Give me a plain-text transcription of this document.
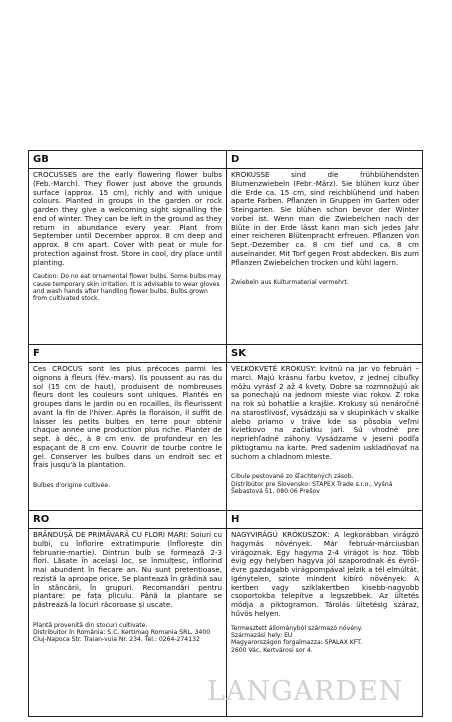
GB
CROCUSSES are the early flowering flower bulbs (Feb.-March). They flower just above the grounds surface (approx. 15 cm), richly and with unique colours. Planted in groups in the garden or rock garden they give a welcoming sight signalling the end of winter. They can be left in the ground as they return in abundance every year. Plant from September until December approx. 8 cm deep and approx. 8 cm apart. Cover with peat or mule for protection against frost. Store in cool, dry place until planting.
Caution: Do no eat ornamental flower bulbs. Some bulbs may cause temporary skin irritation. It is advisable to wear gloves and wash hands after handling flower bulbs. Bulbs grown from cultivated stock.
D
KROKUSSE sind die frühblühendsten Blumenzwiebeln (Febr.-März). Sie blühen kurz über die Erde ca. 15 cm, sind reichblühend und haben aparte Farben. Pflanzen in Gruppen im Garten oder Steingarten. Sie blühen schon bevor der Winter vorbei ist. Wenn man die Zwiebelchen nach der Blüte in der Erde lässt kann man sich jedes Jahr einer reicheren Blütenpracht erfreuen. Pflanzen von Sept.-Dezember ca. 8 cm tief und ca. 8 cm auseinander. Mit Torf gegen Frost abdecken. Bis zum Pflanzen Zwiebelchen trocken und kühl lagern.
Zwiebeln aus Kulturmaterial vermehrt.
F
Ces CROCUS sont les plus précoces parmi les oignons à fleurs (fév.-mars). Ils poussent au ras du sol (15 cm de haut), produisent de nombreuses fleurs dont les couleurs sont uniques. Plantés en groupes dans le jardin ou en rocailles, ils fleurissent avant la fin de l'hiver. Après la floraison, il suffit de laisser les petits bulbes en terre pour obtenir chaque année une production plus riche. Planter de sept. à déc., à 8 cm env. de profondeur en les espaçant de 8 cm env. Couvrir de tourbe contre le gel. Conserver les bulbes dans un endroit sec et frais jusqu'à la plantation.
Bulbes d'origine cultivée.
SK
VEĽKOKVETÉ KROKUSY: kvitnú na jar vo februári – marci. Majú krásnu farbu kvetov, z jednej cibuľky môžu vyrásť 2 až 4 kvety. Dobre sa rozmnožujú ak sa ponechajú na jednom mieste viac rokov. Z roka na rok sú bohatšie a krajšie. Krokusy sú nenáročné na starostlivosť, vysádzajú sa v skupinkách v skalke alebo priamo v tráve kde sa pôsobia veľmi kvietkovo na začiatku jari. Sú vhodné pre nepriehľadné záhony. Vysádzame v jeseni podľa piktogramu na karte. Pred sadením uskladňovať na suchom a chladnom mieste.
Cibule pestované zo šľachtených zásob.
Distribútor pre Slovensko: STAPEX Trade s.r.o., Vyšná Šebastová 51, 080 06 Prešov
RO
BRÂNDUȘĂ DE PRIMĂVARĂ CU FLORI MARI: Soiuri cu bulbi, cu înflorire extratimpurie (înflorește din februarie-martie). Dintrun bulb se formează 2-3 flori. Lăsate în același loc, se înmulțesc, înflorind mai abundent în fiecare an. Nu sunt pretențioase, rezistă la aproape orice. Se plantează în grădină sau în stâncării, în grupuri. Recomandări pentru plantare: pe fața pliculu. Până la plantare se păstrează la locuri răcoroase și uscate.
Plantă provenită din stocuri cultivate.
Distribuitor în România: S.C. Kertimag Romania SRL, 3400 Cluj-Napoca Str. Traian-vuia Nr. 234. Tel.: 0264-274132
H
NAGYVIRÁGÚ KRÓKUSZOK: A legkorábban virágzó hagymás növények. Már február-márciusban virágoznak. Egy hagyma 2-4 virágot is hoz. Több évig egy helyben hagyva jól szaporodnak és évről-évre gazdagabb virágpompával jelzik a tél elmúltát. Igénytelen, szinte mindent kibíró növények. A kertben vagy sziklakertben kisebb-nagyobb csoportokba telepítve a legszebbek. Az ültetés módja a piktogramon. Tárolás ültetésig száraz, hűvös helyen.
Termesztett állományból származó növény.
Származási hely: EU
Magyarországon forgalmazza: SPALAX KFT.
2600 Vác, Kertvárosi sor 4.
LANGARDEN
